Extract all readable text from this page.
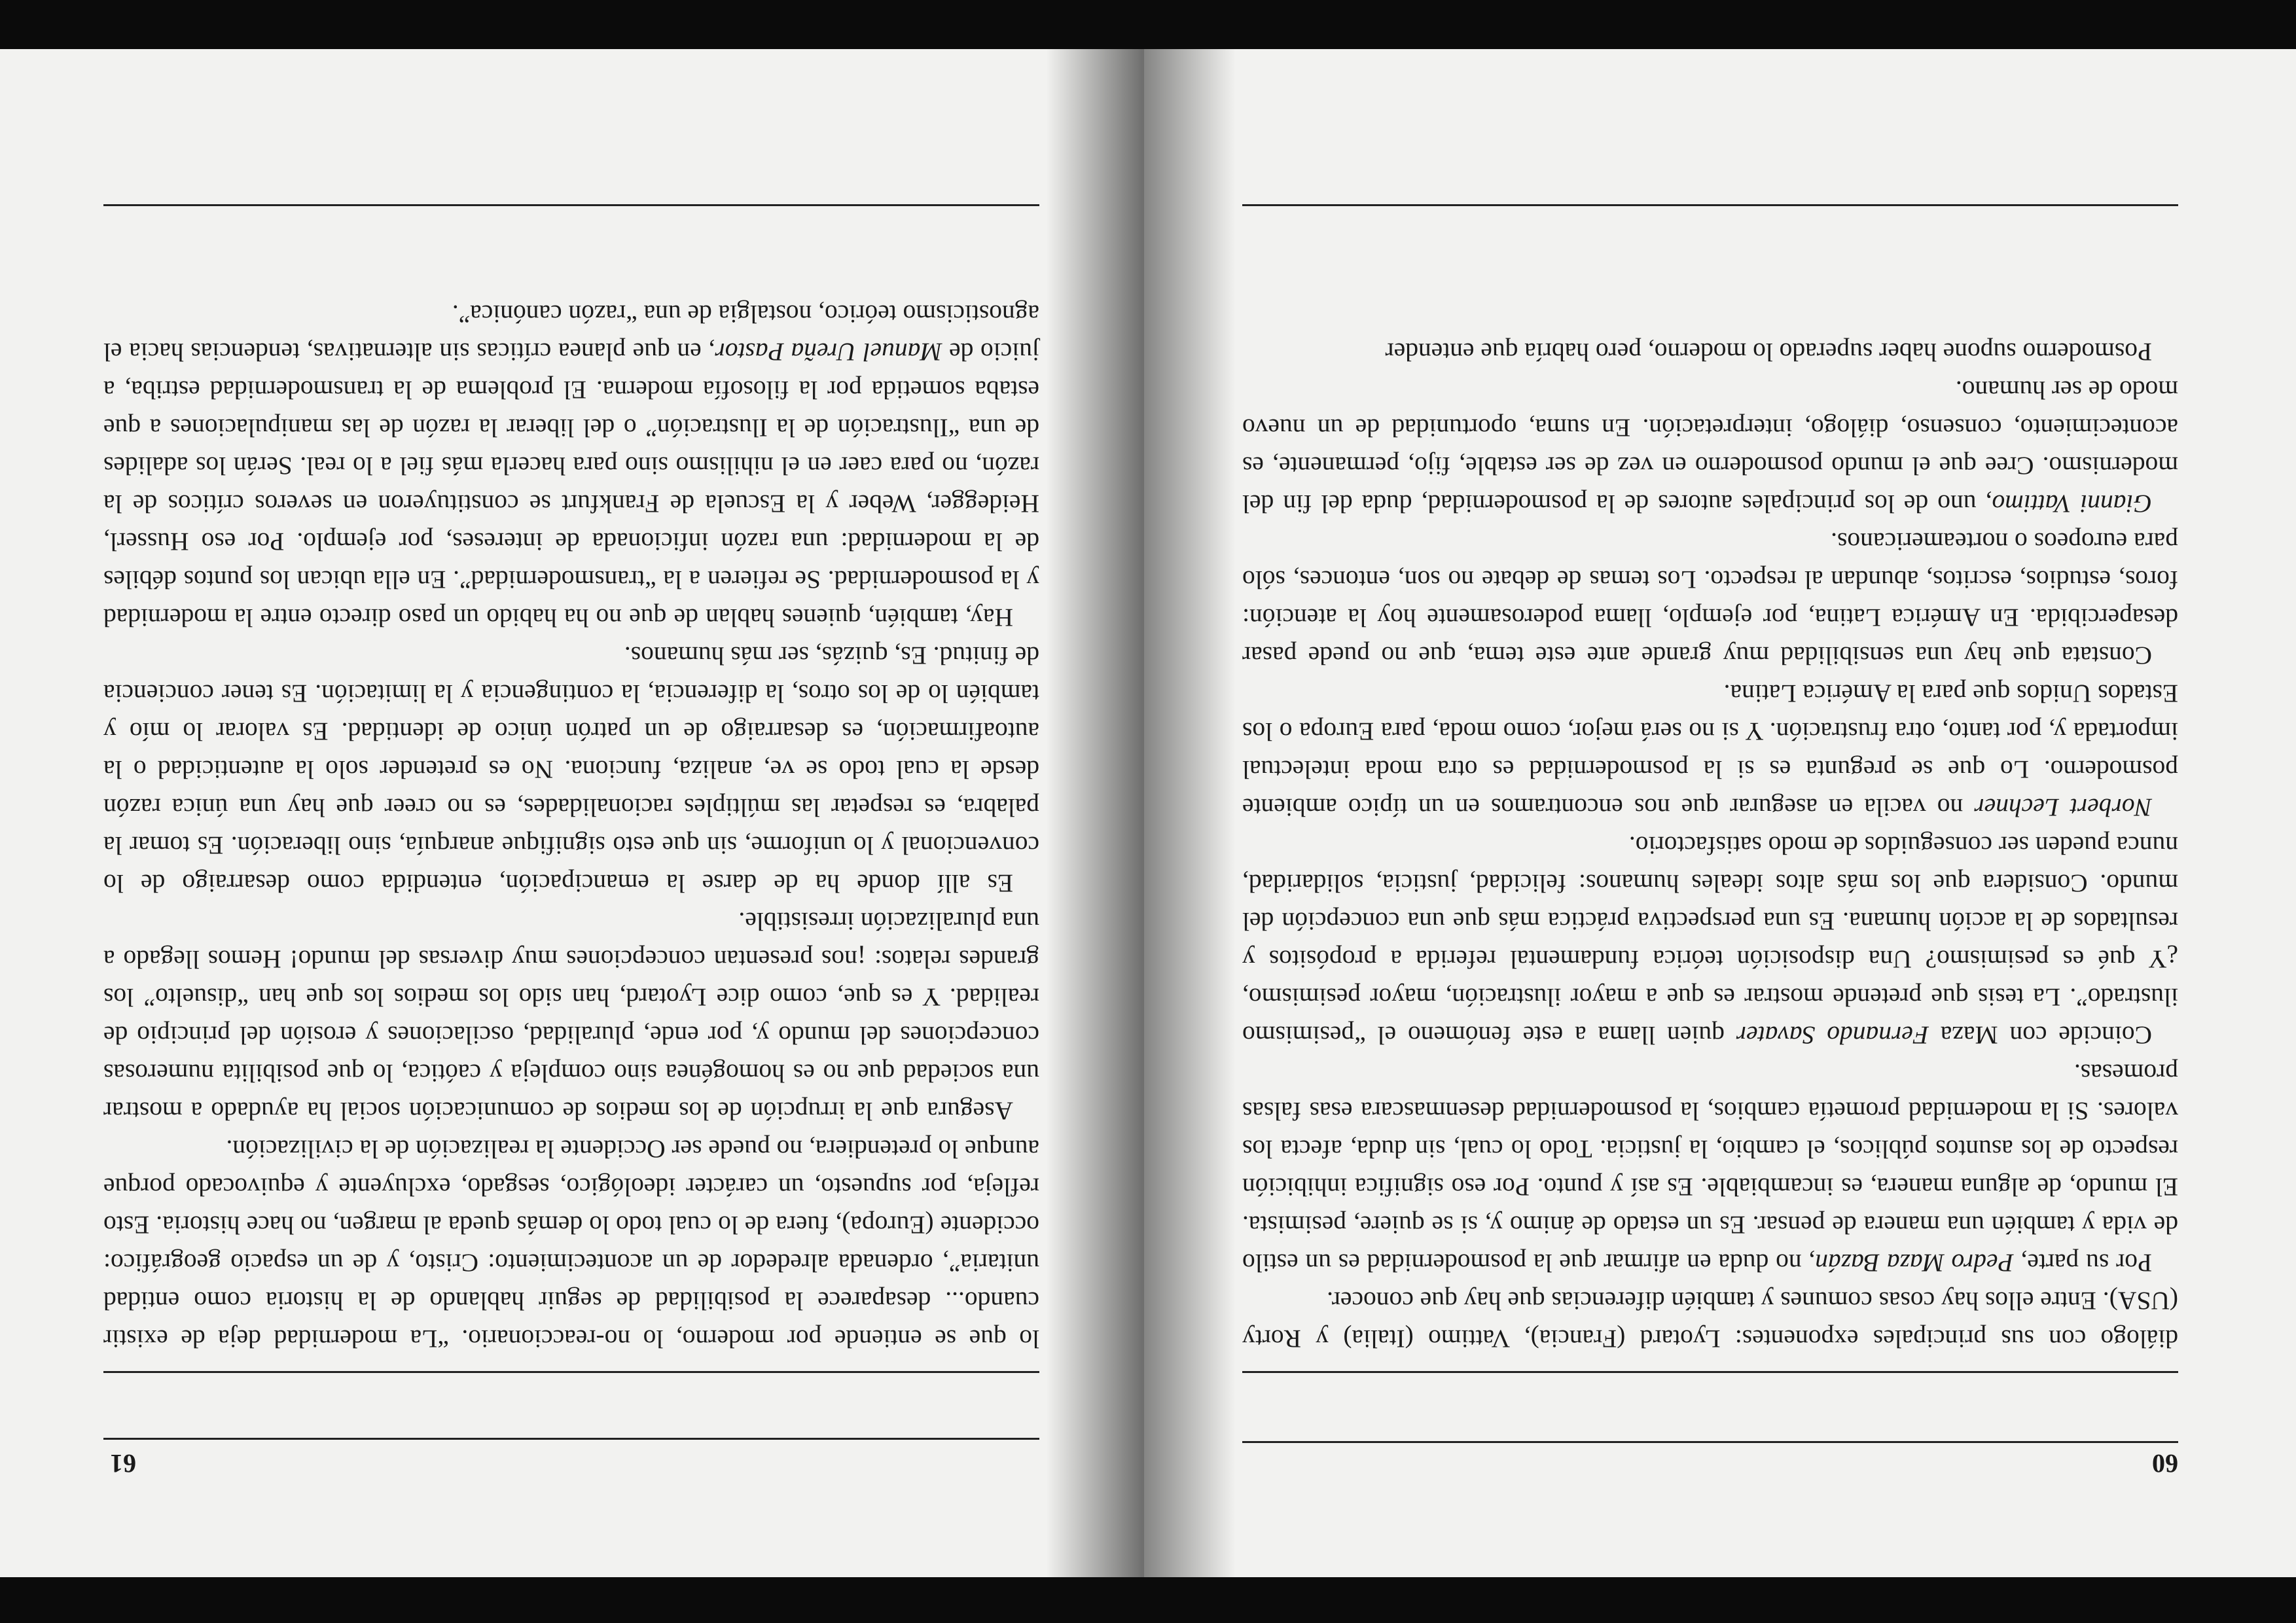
60

diálogo con sus principales exponentes: Lyotard (Francia), Vattimo (Italia) y Rorty (USA). Entre ellos hay cosas comunes y también diferencias que hay que conocer.

Por su parte, Pedro Maza Bazán, no duda en afirmar que la posmodernidad es un estilo de vida y también una manera de pensar. Es un estado de ánimo y, si se quiere, pesimista. El mundo, de alguna manera, es incambiable. Es así y punto. Por eso significa inhibición respecto de los asuntos públicos, el cambio, la justicia. Todo lo cual, sin duda, afecta los valores. Si la modernidad prometía cambios, la posmodernidad desenmascara esas falsas promesas.

Coincide con Maza Fernando Savater quien llama a este fenómeno el “pesimismo ilustrado”. La tesis que pretende mostrar es que a mayor ilustración, mayor pesimismo, ¿Y qué es pesimismo? Una disposición teórica fundamental referida a propósitos y resultados de la acción humana. Es una perspectiva práctica más que una concepción del mundo. Considera que los más altos ideales humanos: felicidad, justicia, solidaridad, nunca pueden ser conseguidos de modo satisfactorio.

Norbert Lechner no vacila en asegurar que nos encontramos en un típico ambiente posmoderno. Lo que se pregunta es si la posmodernidad es otra moda intelectual importada y, por tanto, otra frustración. Y si no será mejor, como moda, para Europa o los Estados Unidos que para la América Latina.

Constata que hay una sensibilidad muy grande ante este tema, que no puede pasar desapercibida. En América Latina, por ejemplo, llama poderosamente hoy la atención: foros, estudios, escritos, abundan al respecto. Los temas de debate no son, entonces, sólo para europeos o norteamericanos.

Gianni Vattimo, uno de los principales autores de la posmodernidad, duda del fin del modernismo. Cree que el mundo posmoderno en vez de ser estable, fijo, permanente, es acontecimiento, consenso, diálogo, interpretación. En suma, oportunidad de un nuevo modo de ser humano.

Posmoderno supone haber superado lo moderno, pero habría que entender

61

lo que se entiende por moderno, lo no-reaccionario. “La modernidad deja de existir cuando... desaparece la posibilidad de seguir hablando de la historia como entidad unitaria”, ordenada alrededor de un acontecimiento: Cristo, y de un espacio geográfico: occidente (Europa), fuera de lo cual todo lo demás queda al margen, no hace historia. Esto refleja, por supuesto, un carácter ideológico, sesgado, excluyente y equivocado porque aunque lo pretendiera, no puede ser Occidente la realización de la civilización.

Asegura que la irrupción de los medios de comunicación social ha ayudado a mostrar una sociedad que no es homogénea sino compleja y caótica, lo que posibilita numerosas concepciones del mundo y, por ende, pluralidad, oscilaciones y erosión del principio de realidad. Y es que, como dice Lyotard, han sido los medios los que han “disuelto” los grandes relatos: ¡nos presentan concepciones muy diversas del mundo! Hemos llegado a una pluralización irresistible.

Es allí donde ha de darse la emancipación, entendida como desarraigo de lo convencional y lo uniforme, sin que esto signifique anarquía, sino liberación. Es tomar la palabra, es respetar las múltiples racionalidades, es no creer que hay una única razón desde la cual todo se ve, analiza, funciona. No es pretender solo la autenticidad o la autoafirmación, es desarraigo de un patrón único de identidad. Es valorar lo mío y también lo de los otros, la diferencia, la contingencia y la limitación. Es tener conciencia de finitud. Es, quizás, ser más humanos.

Hay, también, quienes hablan de que no ha habido un paso directo entre la modernidad y la posmodernidad. Se refieren a la “transmodernidad”. En ella ubican los puntos débiles de la modernidad: una razón inficionada de intereses, por ejemplo. Por eso Husserl, Heidegger, Weber y la Escuela de Frankfurt se constituyeron en severos críticos de la razón, no para caer en el nihilismo sino para hacerla más fiel a lo real. Serán los adalides de una “Ilustración de la Ilustración” o del liberar la razón de las manipulaciones a que estaba sometida por la filosofía moderna. El problema de la transmodernidad estriba, a juicio de Manuel Ureña Pastor, en que planea críticas sin alternativas, tendencias hacia el agnosticismo teórico, nostalgia de una “razón canónica”.
